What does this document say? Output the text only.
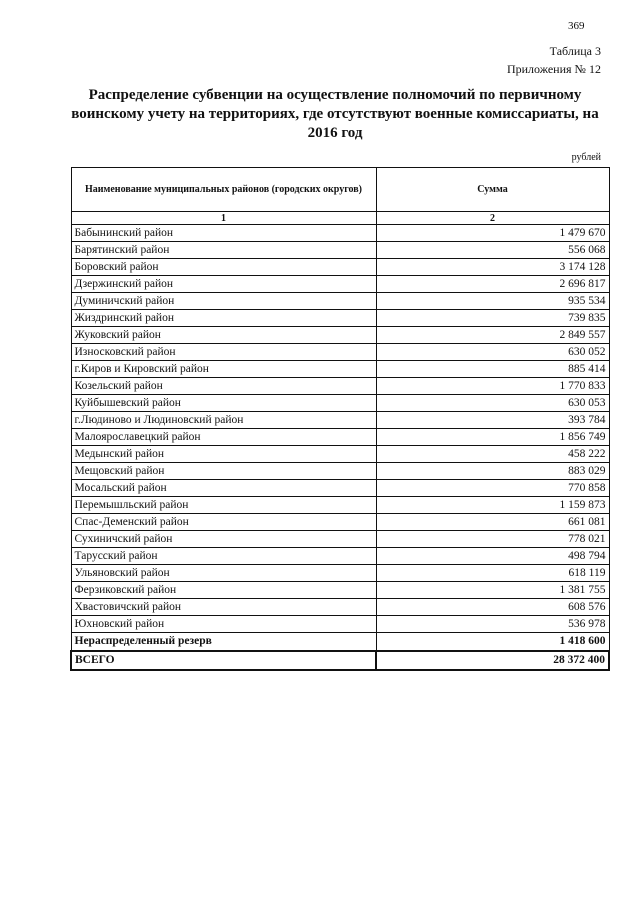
369
Таблица 3
Приложения № 12
Распределение субвенции на осуществление полномочий по первичному воинскому учету на территориях, где отсутствуют военные комиссариаты, на 2016 год
рублей
Наименование муниципальных районов (городских округов)	Сумма
1	2
Бабынинский район	1 479 670
Барятинский район	556 068
Боровский район	3 174 128
Дзержинский район	2 696 817
Думиничский район	935 534
Жиздринский район	739 835
Жуковский район	2 849 557
Износковский район	630 052
г.Киров и Кировский район	885 414
Козельский район	1 770 833
Куйбышевский район	630 053
г.Людиново и Людиновский район	393 784
Малоярославецкий район	1 856 749
Медынский район	458 222
Мещовский район	883 029
Мосальский район	770 858
Перемышльский район	1 159 873
Спас-Деменский район	661 081
Сухиничский район	778 021
Тарусский район	498 794
Ульяновский район	618 119
Ферзиковский район	1 381 755
Хвастовичский район	608 576
Юхновский район	536 978
Нераспределенный резерв	1 418 600
ВСЕГО	28 372 400
